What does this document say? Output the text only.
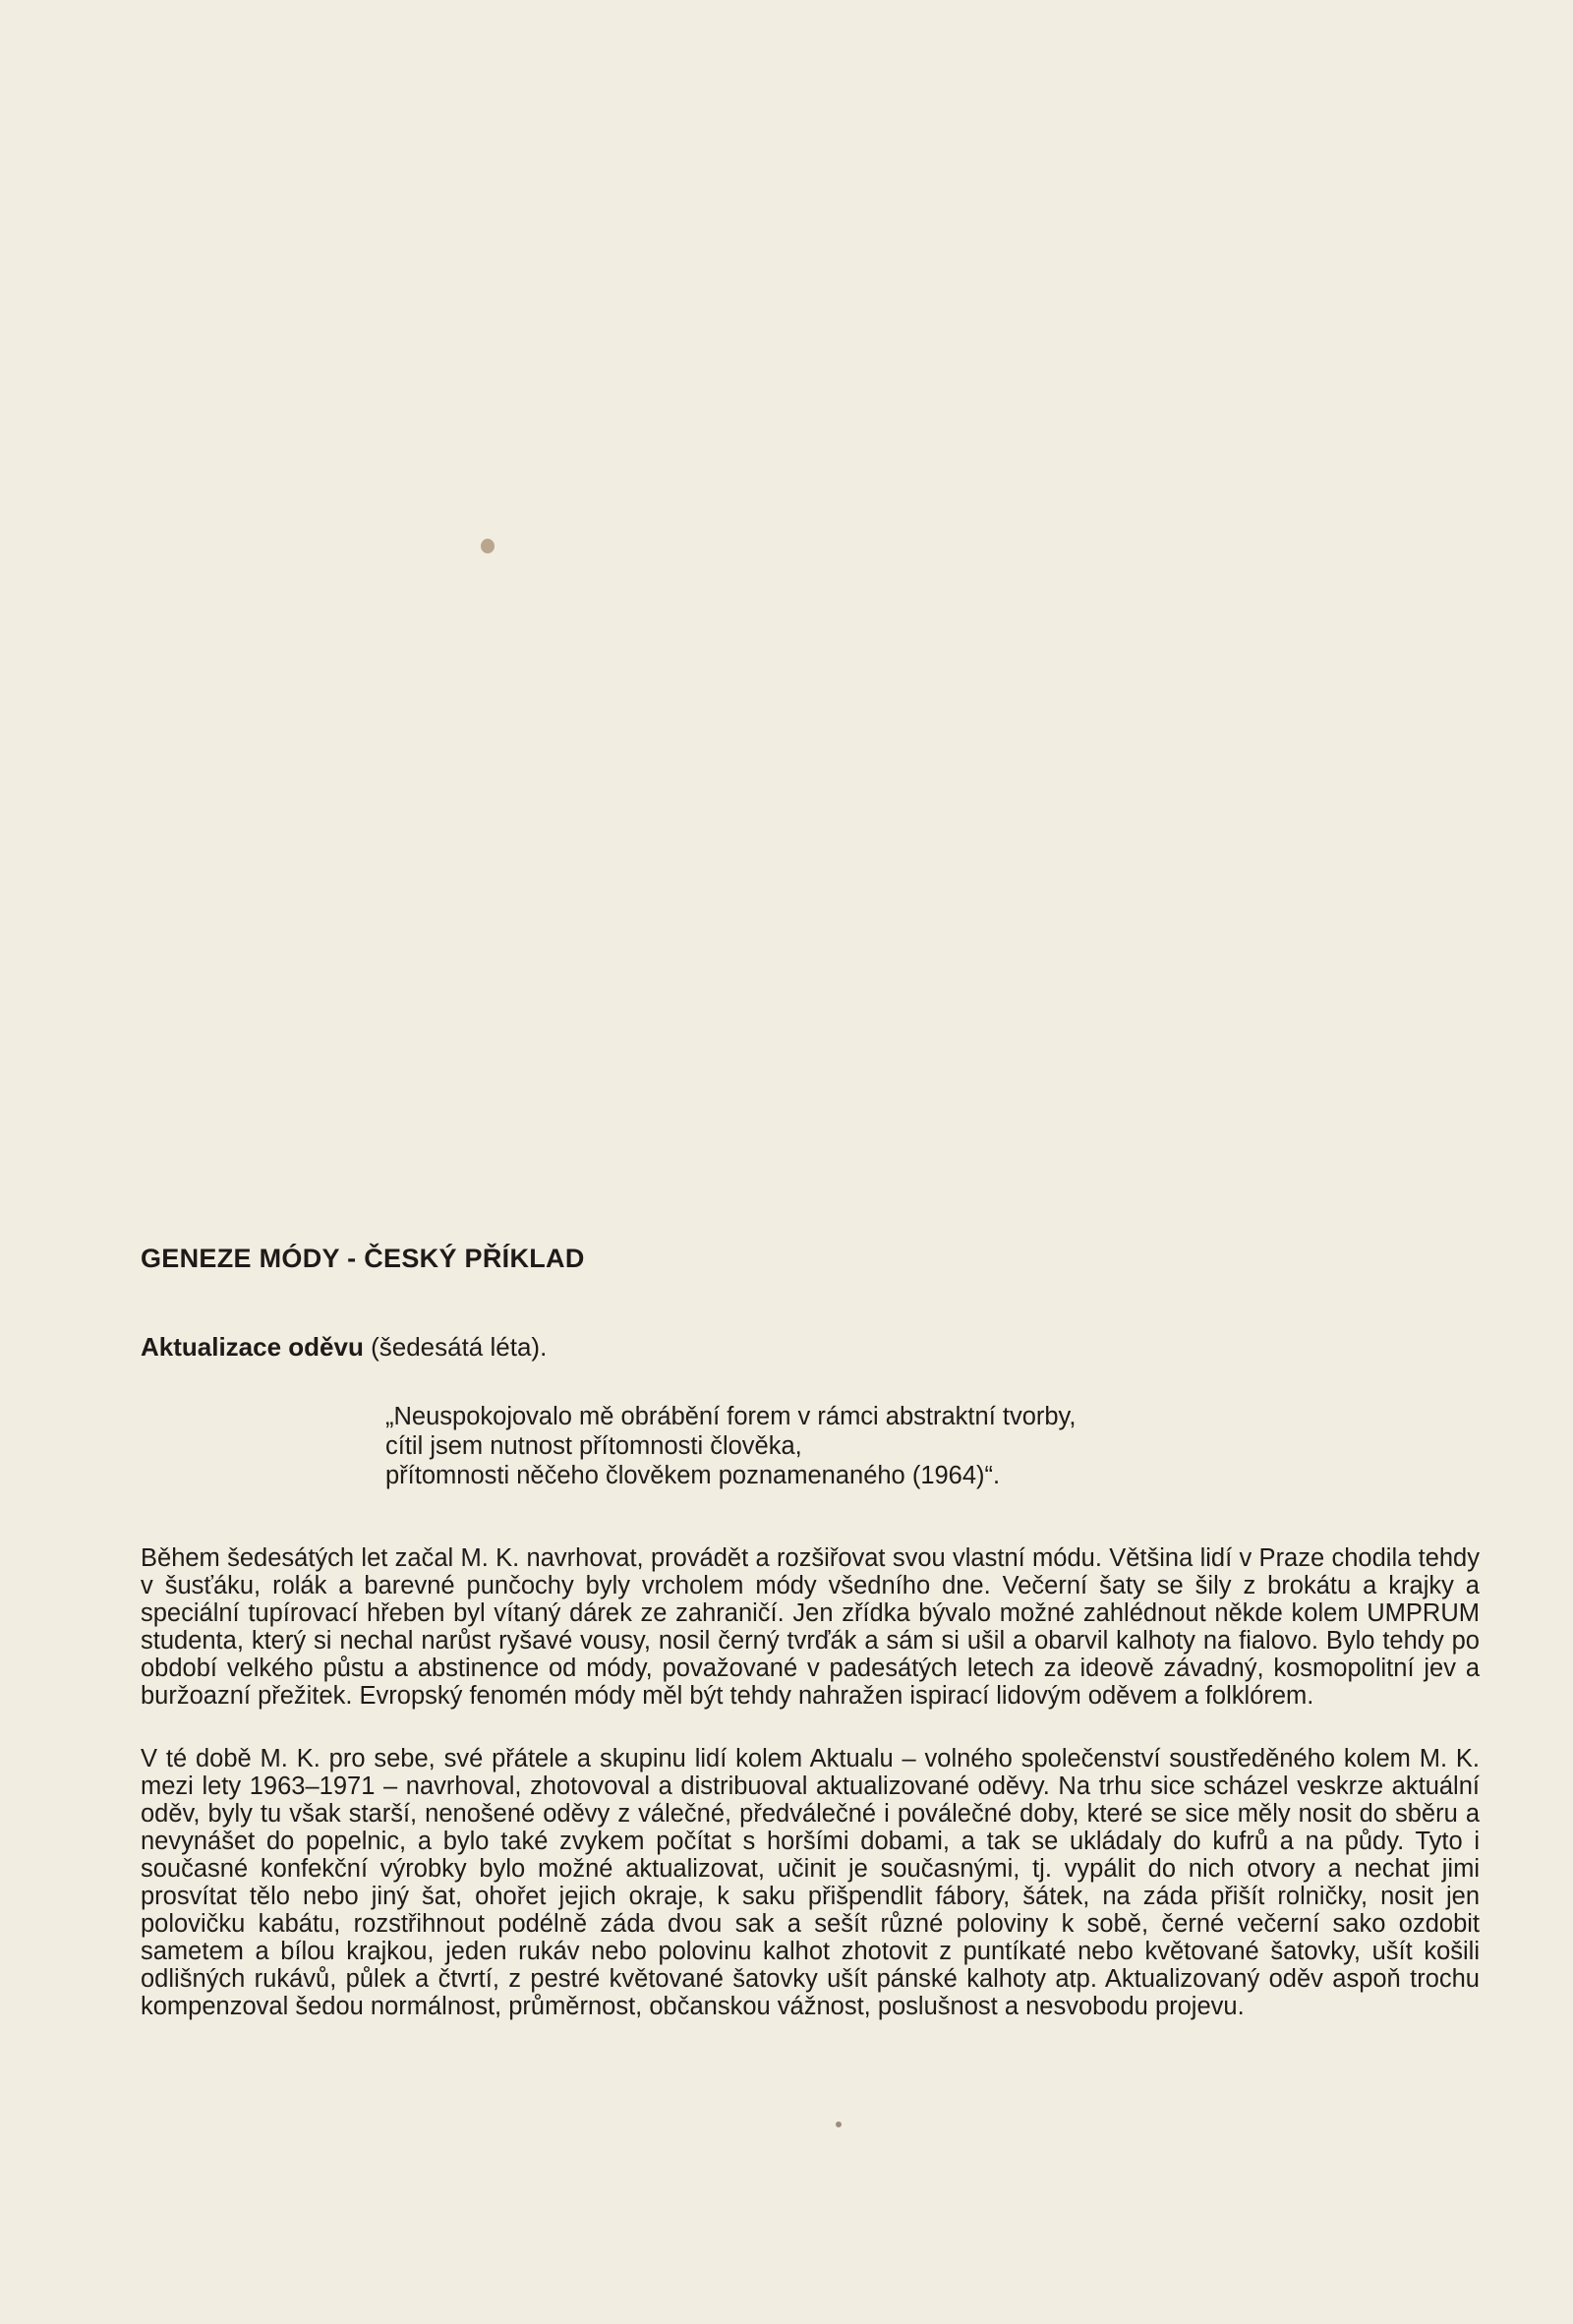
GENEZE MÓDY - ČESKÝ PŘÍKLAD
Aktualizace oděvu (šedesátá léta).
„Neuspokojovalo mě obrábění forem v rámci abstraktní tvorby,
cítil jsem nutnost přítomnosti člověka,
přítomnosti něčeho člověkem poznamenaného (1964)“.

Během šedesátých let začal M. K. navrhovat, provádět a rozšiřovat svou vlastní módu. Většina lidí v Praze chodila tehdy v šusťáku, rolák a barevné punčochy byly vrcholem módy všedního dne. Večerní šaty se šily z brokátu a krajky a speciální tupírovací hřeben byl vítaný dárek ze zahraničí. Jen zřídka bývalo možné zahlédnout někde kolem UMPRUM studenta, který si nechal narůst ryšavé vousy, nosil černý tvrďák a sám si ušil a obarvil kalhoty na fialovo. Bylo tehdy po období velkého půstu a abstinence od módy, považované v padesátých letech za ideově závadný, kosmopolitní jev a buržoazní přežitek. Evropský fenomén módy měl být tehdy nahražen ispirací lidovým oděvem a folklórem.

V té době M. K. pro sebe, své přátele a skupinu lidí kolem Aktualu – volného společenství soustředěného kolem M. K. mezi lety 1963–1971 – navrhoval, zhotovoval a distribuoval aktualizované oděvy. Na trhu sice scházel veskrze aktuální oděv, byly tu však starší, nenošené oděvy z válečné, předválečné i poválečné doby, které se sice měly nosit do sběru a nevynášet do popelnic, a bylo také zvykem počítat s horšími dobami, a tak se ukládaly do kufrů a na půdy. Tyto i současné konfekční výrobky bylo možné aktualizovat, učinit je současnými, tj. vypálit do nich otvory a nechat jimi prosvítat tělo nebo jiný šat, ohořet jejich okraje, k saku přišpendlit fábory, šátek, na záda přišít rolničky, nosit jen polovičku kabátu, rozstřihnout podélně záda dvou sak a sešít různé poloviny k sobě, černé večerní sako ozdobit sametem a bílou krajkou, jeden rukáv nebo polovinu kalhot zhotovit z puntíkaté nebo květované šatovky, ušít košili odlišných rukávů, půlek a čtvrtí, z pestré květované šatovky ušít pánské kalhoty atp. Aktualizovaný oděv aspoň trochu kompenzoval šedou normálnost, průměrnost, občanskou vážnost, poslušnost a nesvobodu projevu.
